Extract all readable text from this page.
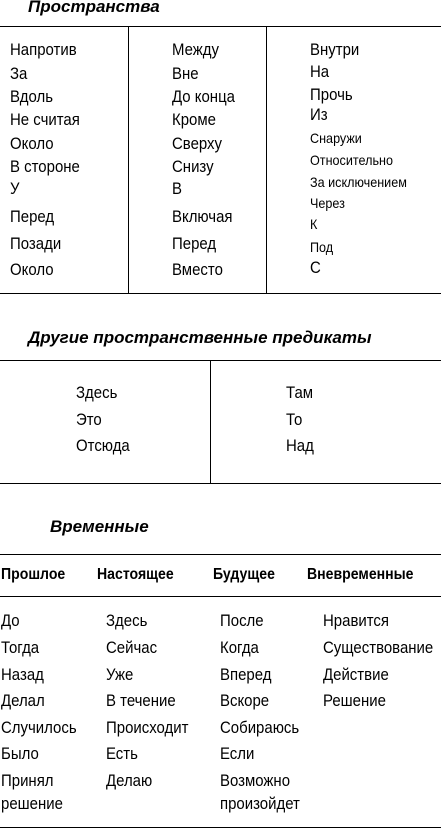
Пространства
Напротив
За
Вдоль
Не считая
Около
В стороне
У
Перед
Позади
Около
Между
Вне
До конца
Кроме
Сверху
Снизу
В
Включая
Перед
Вместо
Внутри
На
Прочь
Из
Снаружи
Относительно
За исключением
Через
К
Под
С
Другие пространственные предикаты
Здесь
Это
Отсюда
Там
То
Над
Временные
Прошлое Настоящее Будущее Вневременные
До
Тогда
Назад
Делал
Случилось
Было
Принял
решение
Здесь
Сейчас
Уже
В течение
Происходит
Есть
Делаю
После
Когда
Вперед
Вскоре
Собираюсь
Если
Возможно
произойдет
Нравится
Существование
Действие
Решение
